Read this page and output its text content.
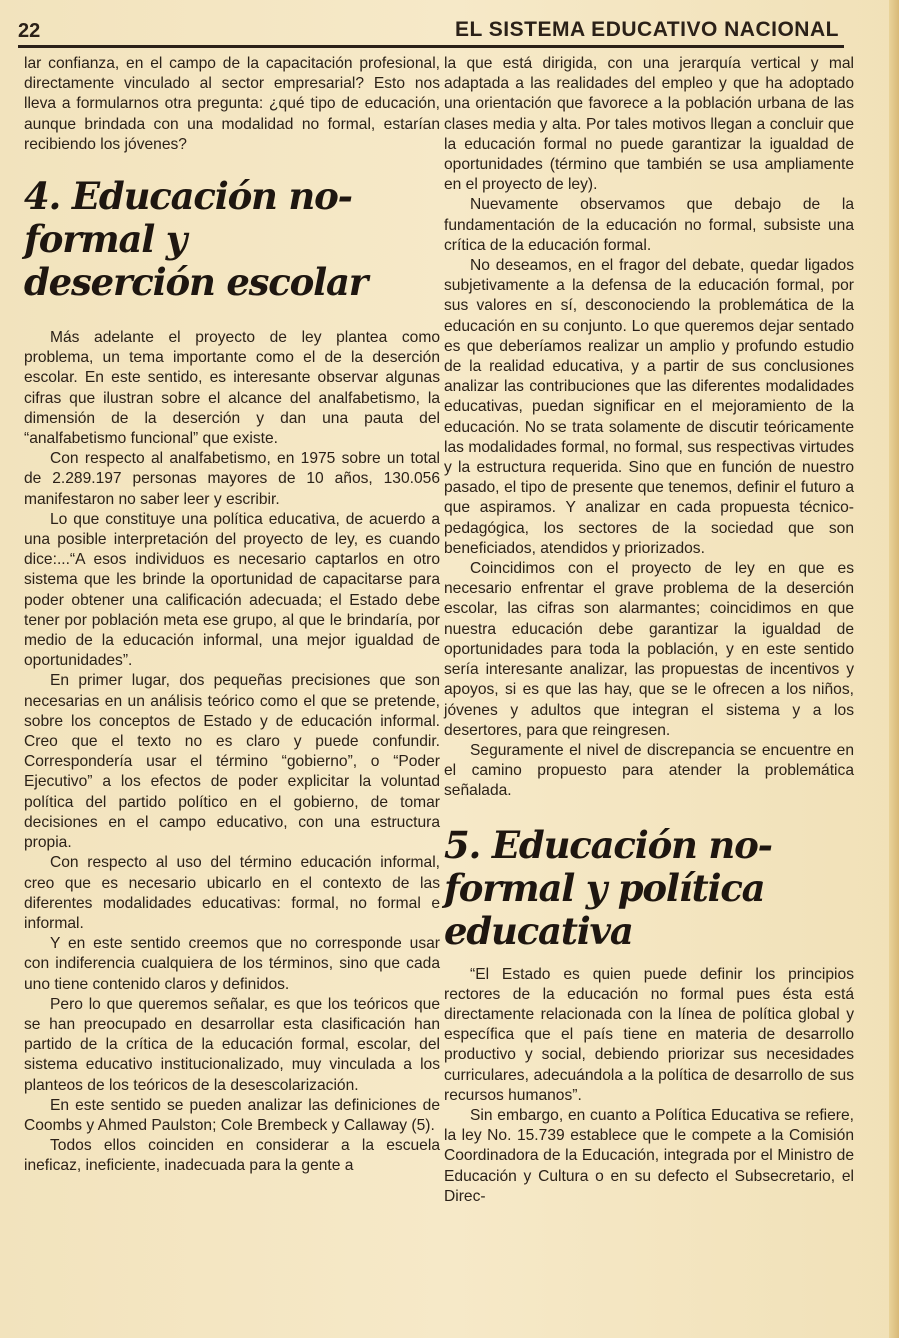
22	EL SISTEMA EDUCATIVO NACIONAL

lar confianza, en el campo de la capacitación profesional, directamente vinculado al sector empresarial? Esto nos lleva a formularnos otra pregunta: ¿qué tipo de educación, aunque brindada con una modalidad no formal, estarían recibiendo los jóvenes?

4. Educación no-formal y deserción escolar

Más adelante el proyecto de ley plantea como problema, un tema importante como el de la deserción escolar. En este sentido, es interesante observar algunas cifras que ilustran sobre el alcance del analfabetismo, la dimensión de la deserción y dan una pauta del “analfabetismo funcional” que existe.

Con respecto al analfabetismo, en 1975 sobre un total de 2.289.197 personas mayores de 10 años, 130.056 manifestaron no saber leer y escribir.

Lo que constituye una política educativa, de acuerdo a una posible interpretación del proyecto de ley, es cuando dice:...“A esos individuos es necesario captarlos en otro sistema que les brinde la oportunidad de capacitarse para poder obtener una calificación adecuada; el Estado debe tener por población meta ese grupo, al que le brindaría, por medio de la educación informal, una mejor igualdad de oportunidades”.

En primer lugar, dos pequeñas precisiones que son necesarias en un análisis teórico como el que se pretende, sobre los conceptos de Estado y de educación informal. Creo que el texto no es claro y puede confundir. Correspondería usar el término “gobierno”, o “Poder Ejecutivo” a los efectos de poder explicitar la voluntad política del partido político en el gobierno, de tomar decisiones en el campo educativo, con una estructura propia.

Con respecto al uso del término educación informal, creo que es necesario ubicarlo en el contexto de las diferentes modalidades educativas: formal, no formal e informal.

Y en este sentido creemos que no corresponde usar con indiferencia cualquiera de los términos, sino que cada uno tiene contenido claros y definidos.

Pero lo que queremos señalar, es que los teóricos que se han preocupado en desarrollar esta clasificación han partido de la crítica de la educación formal, escolar, del sistema educativo institucionalizado, muy vinculada a los planteos de los teóricos de la desescolarización.

En este sentido se pueden analizar las definiciones de Coombs y Ahmed Paulston; Cole Brembeck y Callaway (5).

Todos ellos coinciden en considerar a la escuela ineficaz, ineficiente, inadecuada para la gente a

la que está dirigida, con una jerarquía vertical y mal adaptada a las realidades del empleo y que ha adoptado una orientación que favorece a la población urbana de las clases media y alta. Por tales motivos llegan a concluir que la educación formal no puede garantizar la igualdad de oportunidades (término que también se usa ampliamente en el proyecto de ley).

Nuevamente observamos que debajo de la fundamentación de la educación no formal, subsiste una crítica de la educación formal.

No deseamos, en el fragor del debate, quedar ligados subjetivamente a la defensa de la educación formal, por sus valores en sí, desconociendo la problemática de la educación en su conjunto. Lo que queremos dejar sentado es que deberíamos realizar un amplio y profundo estudio de la realidad educativa, y a partir de sus conclusiones analizar las contribuciones que las diferentes modalidades educativas, puedan significar en el mejoramiento de la educación. No se trata solamente de discutir teóricamente las modalidades formal, no formal, sus respectivas virtudes y la estructura requerida. Sino que en función de nuestro pasado, el tipo de presente que tenemos, definir el futuro a que aspiramos. Y analizar en cada propuesta técnico-pedagógica, los sectores de la sociedad que son beneficiados, atendidos y priorizados.

Coincidimos con el proyecto de ley en que es necesario enfrentar el grave problema de la deserción escolar, las cifras son alarmantes; coincidimos en que nuestra educación debe garantizar la igualdad de oportunidades para toda la población, y en este sentido sería interesante analizar, las propuestas de incentivos y apoyos, si es que las hay, que se le ofrecen a los niños, jóvenes y adultos que integran el sistema y a los desertores, para que reingresen.

Seguramente el nivel de discrepancia se encuentre en el camino propuesto para atender la problemática señalada.

5. Educación no-formal y política educativa

“El Estado es quien puede definir los principios rectores de la educación no formal pues ésta está directamente relacionada con la línea de política global y específica que el país tiene en materia de desarrollo productivo y social, debiendo priorizar sus necesidades curriculares, adecuándola a la política de desarrollo de sus recursos humanos”.

Sin embargo, en cuanto a Política Educativa se refiere, la ley No. 15.739 establece que le compete a la Comisión Coordinadora de la Educación, integrada por el Ministro de Educación y Cultura o en su defecto el Subsecretario, el Direc-
